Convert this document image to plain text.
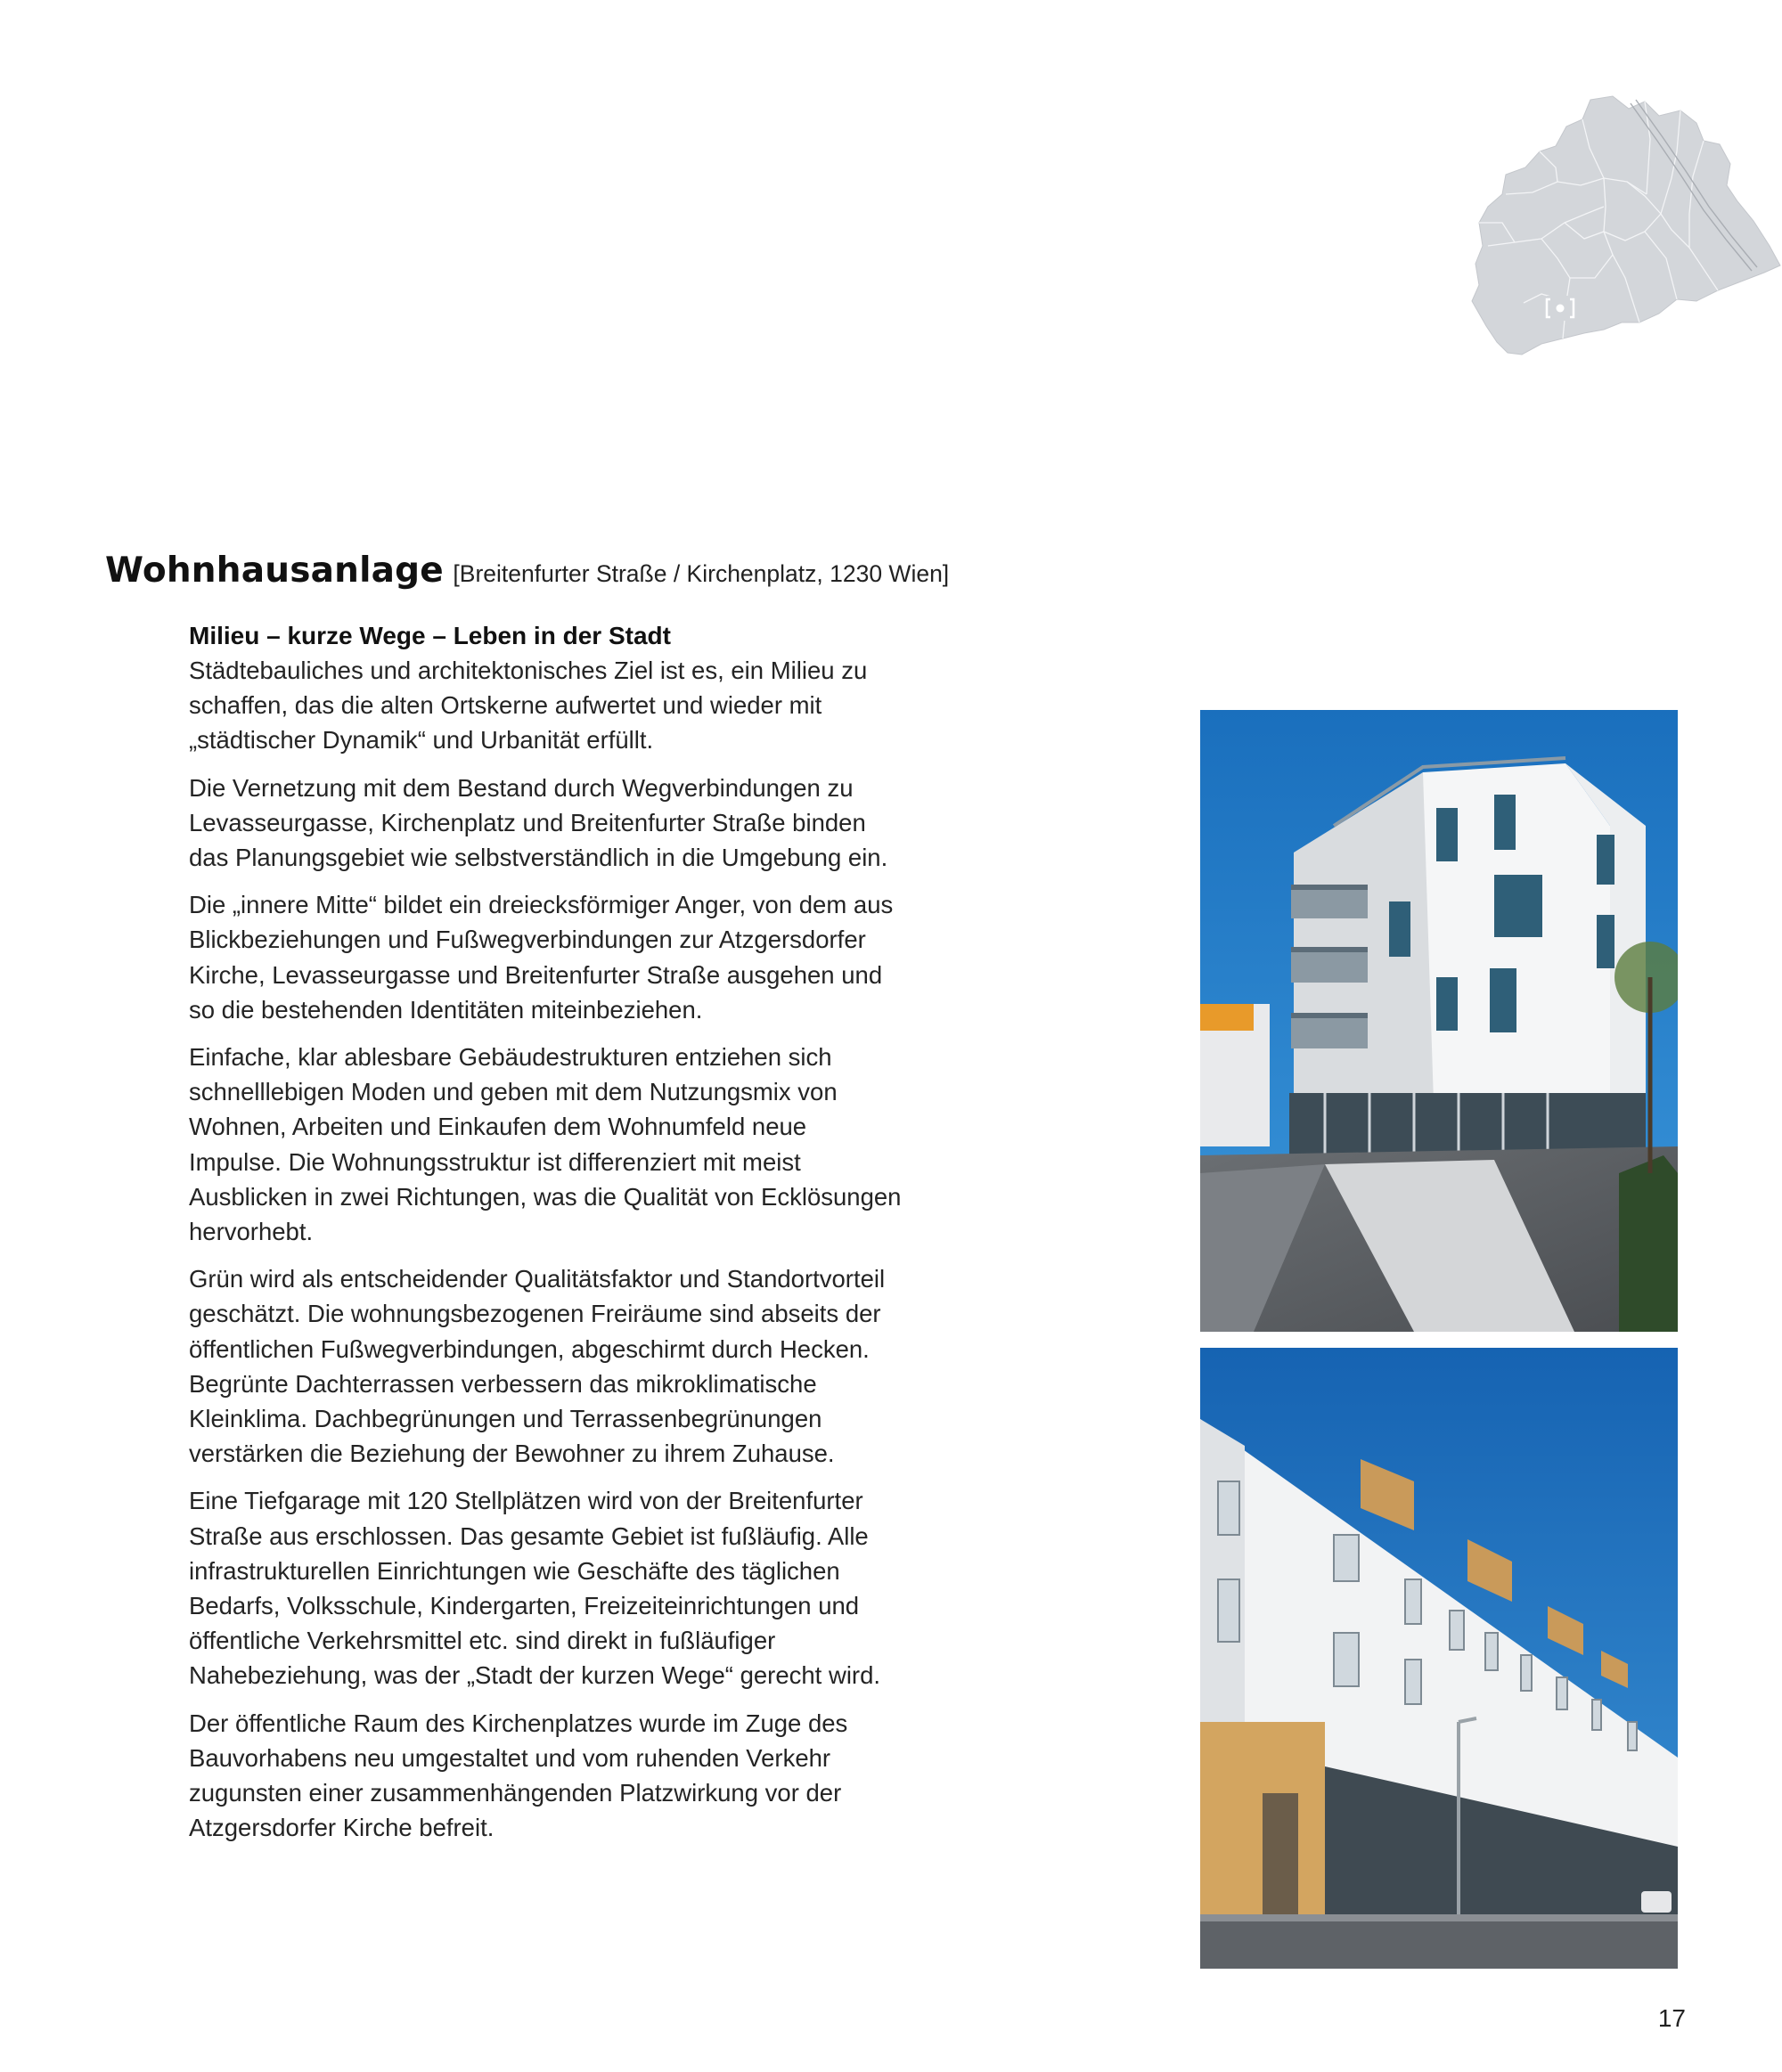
Wohnhausanlage [Breitenfurter Straße / Kirchenplatz, 1230 Wien]
Milieu – kurze Wege – Leben in der Stadt

Städtebauliches und architektonisches Ziel ist es, ein Milieu zu schaffen, das die alten Ortskerne aufwertet und wieder mit „städtischer Dynamik“ und Urbanität erfüllt.

Die Vernetzung mit dem Bestand durch Wegverbindungen zu Levasseurgasse, Kirchenplatz und Breitenfurter Straße binden das Planungsgebiet wie selbstverständlich in die Umgebung ein.

Die „innere Mitte“ bildet ein dreiecksförmiger Anger, von dem aus Blickbeziehungen und Fußwegverbindungen zur Atzgersdorfer Kirche, Levasseurgasse und Breitenfurter Straße ausgehen und so die bestehenden Identitäten miteinbeziehen.

Einfache, klar ablesbare Gebäudestrukturen entziehen sich schnelllebigen Moden und geben mit dem Nutzungsmix von Wohnen, Arbeiten und Einkaufen dem Wohnumfeld neue Impulse. Die Wohnungsstruktur ist differenziert mit meist Ausblicken in zwei Richtungen, was die Qualität von Ecklösungen hervorhebt.

Grün wird als entscheidender Qualitätsfaktor und Standortvorteil geschätzt. Die wohnungsbezogenen Freiräume sind abseits der öffentlichen Fußwegverbindungen, abgeschirmt durch Hecken. Begrünte Dachterrassen verbessern das mikroklimatische Kleinklima. Dachbegrünungen und Terrassenbegrünungen verstärken die Beziehung der Bewohner zu ihrem Zuhause.

Eine Tiefgarage mit 120 Stellplätzen wird von der Breitenfurter Straße aus erschlossen. Das gesamte Gebiet ist fußläufig. Alle infrastrukturellen Einrichtungen wie Geschäfte des täglichen Bedarfs, Volksschule, Kindergarten, Freizeiteinrichtungen und öffentliche Verkehrsmittel etc. sind direkt in fußläufiger Nahebeziehung, was der „Stadt der kurzen Wege“ gerecht wird.

Der öffentliche Raum des Kirchenplatzes wurde im Zuge des Bauvorhabens neu umgestaltet und vom ruhenden Verkehr zugunsten einer zusammenhängenden Platzwirkung vor der Atzgersdorfer Kirche befreit.

17
